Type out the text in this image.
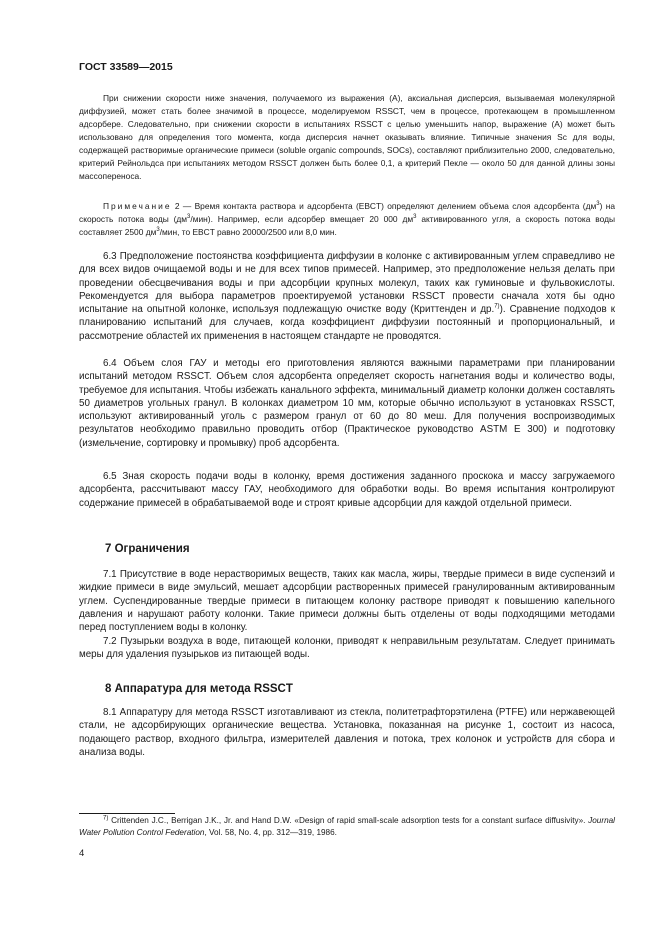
ГОСТ 33589—2015

При снижении скорости ниже значения, получаемого из выражения (А), аксиальная дисперсия, вызываемая молекулярной диффузией, может стать более значимой в процессе, моделируемом RSSCT, чем в процессе, протекающем в промышленном адсорбере. Следовательно, при снижении скорости в испытаниях RSSCT с целью уменьшить напор, выражение (А) может быть использовано для определения того момента, когда дисперсия начнет оказывать влияние. Типичные значения Sc для воды, содержащей растворимые органические примеси (soluble organic compounds, SOCs), составляют приблизительно 2000, следовательно, критерий Рейнольдса при испытаниях методом RSSCT должен быть более 0,1, а критерий Пекле — около 50 для данной длины зоны массопереноса.

Примечание 2 — Время контакта раствора и адсорбента (EBCT) определяют делением объема слоя адсорбента $(дм^3)$ на скорость потока воды $(дм^3/мин)$. Например, если адсорбер вмещает 20 000 $дм^3$ активированного угля, а скорость потока воды составляет 2500 $дм^3$/мин, то EBCT равно 20000/2500 или 8,0 мин.

6.3 Предположение постоянства коэффициента диффузии в колонке с активированным углем справедливо не для всех видов очищаемой воды и не для всех типов примесей. Например, это предположение нельзя делать при проведении обесцвечивания воды и при адсорбции крупных молекул, таких как гуминовые и фульвокислоты. Рекомендуется для выбора параметров проектируемой установки RSSCT провести сначала хотя бы одно испытание на опытной колонке, используя подлежащую очистке воду (Криттенден и др.$^{7)}$). Сравнение подходов к планированию испытаний для случаев, когда коэффициент диффузии постоянный и пропорциональный, и рассмотрение областей их применения в настоящем стандарте не проводятся.

6.4 Объем слоя ГАУ и методы его приготовления являются важными параметрами при планировании испытаний методом RSSCT. Объем слоя адсорбента определяет скорость нагнетания воды и количество воды, требуемое для испытания. Чтобы избежать канального эффекта, минимальный диаметр колонки должен составлять 50 диаметров угольных гранул. В колонках диаметром 10 мм, которые обычно используют в установках RSSCT, используют активированный уголь с размером гранул от 60 до 80 меш. Для получения воспроизводимых результатов необходимо правильно проводить отбор (Практическое руководство ASTM E 300) и подготовку (измельчение, сортировку и промывку) проб адсорбента.

6.5 Зная скорость подачи воды в колонку, время достижения заданного проскока и массу загружаемого адсорбента, рассчитывают массу ГАУ, необходимого для обработки воды. Во время испытания контролируют содержание примесей в обрабатываемой воде и строят кривые адсорбции для каждой отдельной примеси.

7 Ограничения

7.1 Присутствие в воде нерастворимых веществ, таких как масла, жиры, твердые примеси в виде суспензий и жидкие примеси в виде эмульсий, мешает адсорбции растворенных примесей гранулированным активированным углем. Суспендированные твердые примеси в питающем колонку растворе приводят к повышению капельного давления и нарушают работу колонки. Такие примеси должны быть отделены от воды подходящими методами перед поступлением воды в колонку.

7.2 Пузырьки воздуха в воде, питающей колонки, приводят к неправильным результатам. Следует принимать меры для удаления пузырьков из питающей воды.

8 Аппаратура для метода RSSCT

8.1 Аппаратуру для метода RSSCT изготавливают из стекла, политетрафторэтилена (PTFE) или нержавеющей стали, не адсорбирующих органические вещества. Установка, показанная на рисунке 1, состоит из насоса, подающего раствор, входного фильтра, измерителей давления и потока, трех колонок и устройств для сбора и анализа воды.

$^{7)}$ Crittenden J.C., Berrigan J.K., Jr. and Hand D.W. «Design of rapid small-scale adsorption tests for a constant surface diffusivity». Journal Water Pollution Control Federation, Vol. 58, No. 4, pp. 312—319, 1986.

4
